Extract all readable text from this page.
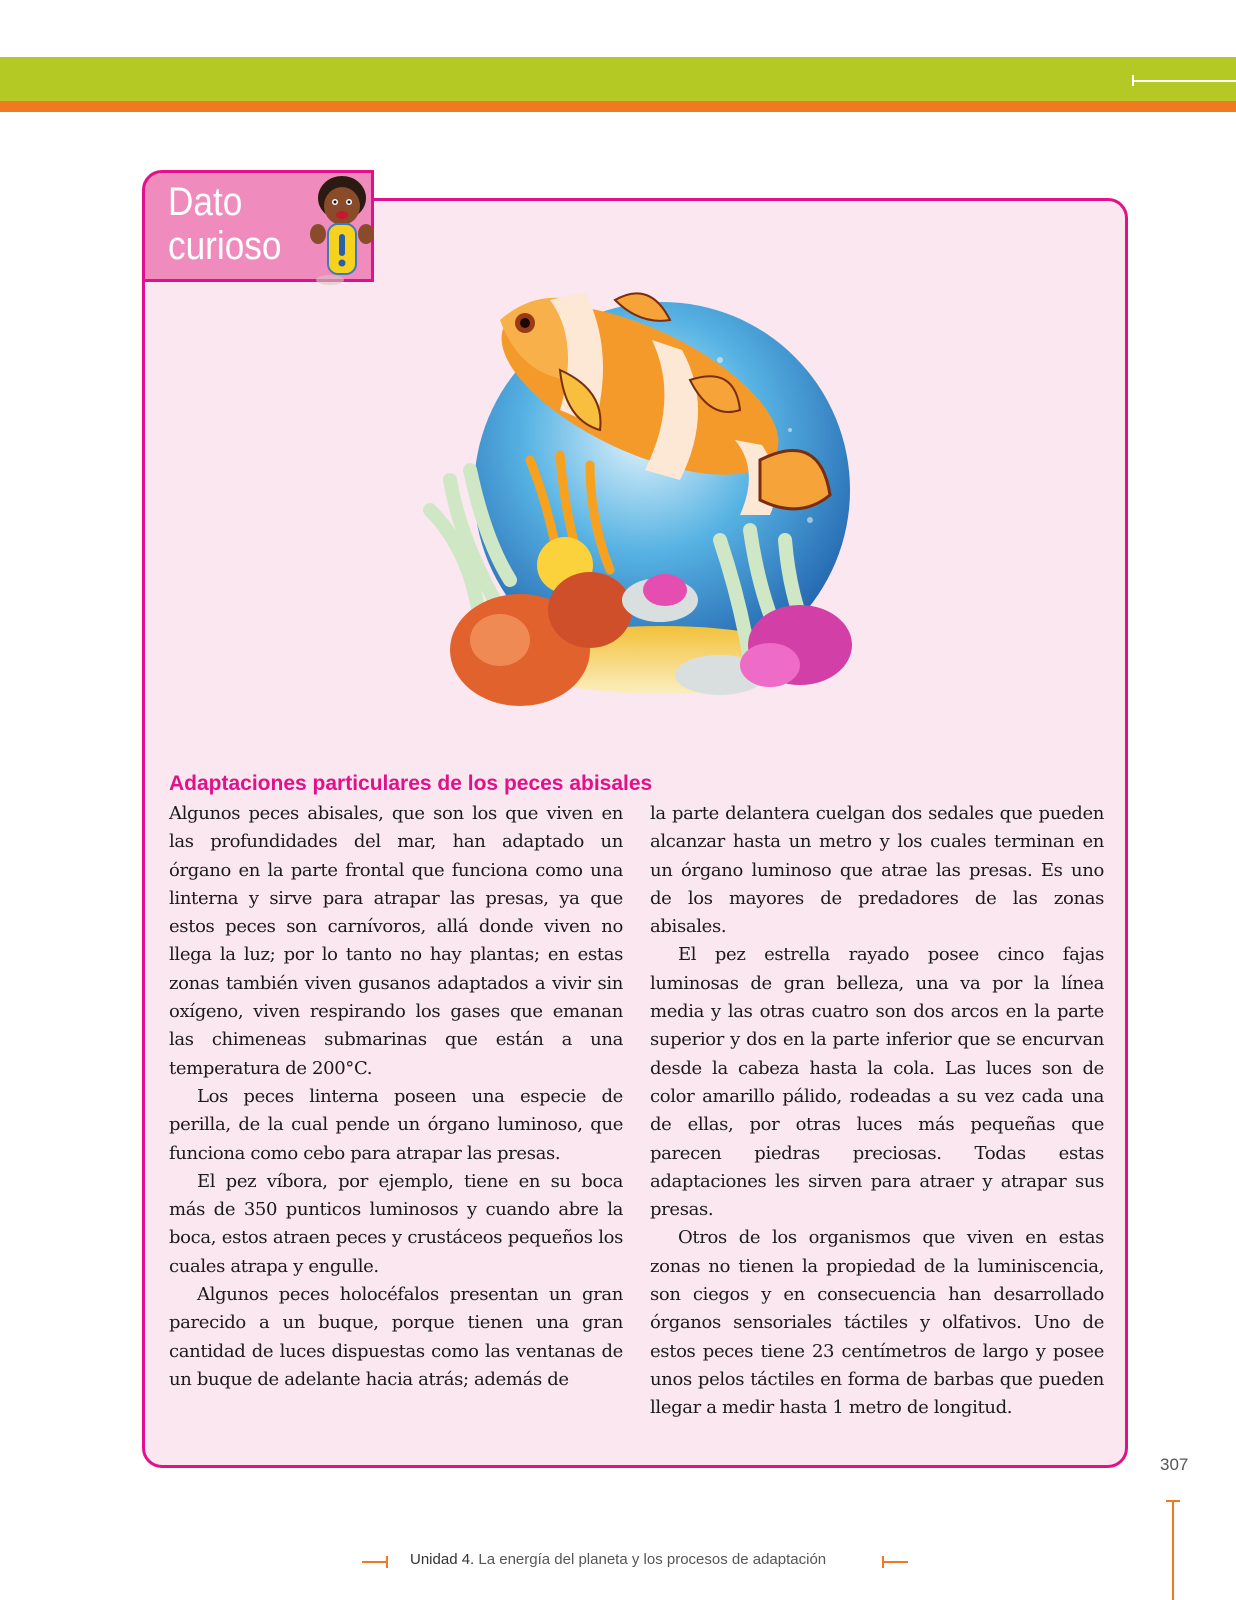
Dato
curioso
Adaptaciones particulares de los peces abisales

Algunos peces abisales, que son los que viven en las profundidades del mar, han adaptado un órgano en la parte frontal que funciona como una linterna y sirve para atrapar las presas, ya que estos peces son carnívoros, allá donde viven no llega la luz; por lo tanto no hay plantas; en estas zonas también viven gusanos adaptados a vivir sin oxígeno, viven respirando los gases que emanan las chimeneas submarinas que están a una temperatura de 200°C.

Los peces linterna poseen una especie de perilla, de la cual pende un órgano luminoso, que funciona como cebo para atrapar las presas.

El pez víbora, por ejemplo, tiene en su boca más de 350 punticos luminosos y cuando abre la boca, estos atraen peces y crustáceos pequeños los cuales atrapa y engulle.

Algunos peces holocéfalos presentan un gran parecido a un buque, porque tienen una gran cantidad de luces dispuestas como las ventanas de un buque de adelante hacia atrás; además de

la parte delantera cuelgan dos sedales que pueden alcanzar hasta un metro y los cuales terminan en un órgano luminoso que atrae las presas. Es uno de los mayores de predadores de las zonas abisales.

El pez estrella rayado posee cinco fajas luminosas de gran belleza, una va por la línea media y las otras cuatro son dos arcos en la parte superior y dos en la parte inferior que se encurvan desde la cabeza hasta la cola. Las luces son de color amarillo pálido, rodeadas a su vez cada una de ellas, por otras luces más pequeñas que parecen piedras preciosas. Todas estas adaptaciones les sirven para atraer y atrapar sus presas.

Otros de los organismos que viven en estas zonas no tienen la propiedad de la luminiscencia, son ciegos y en consecuencia han desarrollado órganos sensoriales táctiles y olfativos. Uno de estos peces tiene 23 centímetros de largo y posee unos pelos táctiles en forma de barbas que pueden llegar a medir hasta 1 metro de longitud.

307
Unidad 4. La energía del planeta y los procesos de adaptación
